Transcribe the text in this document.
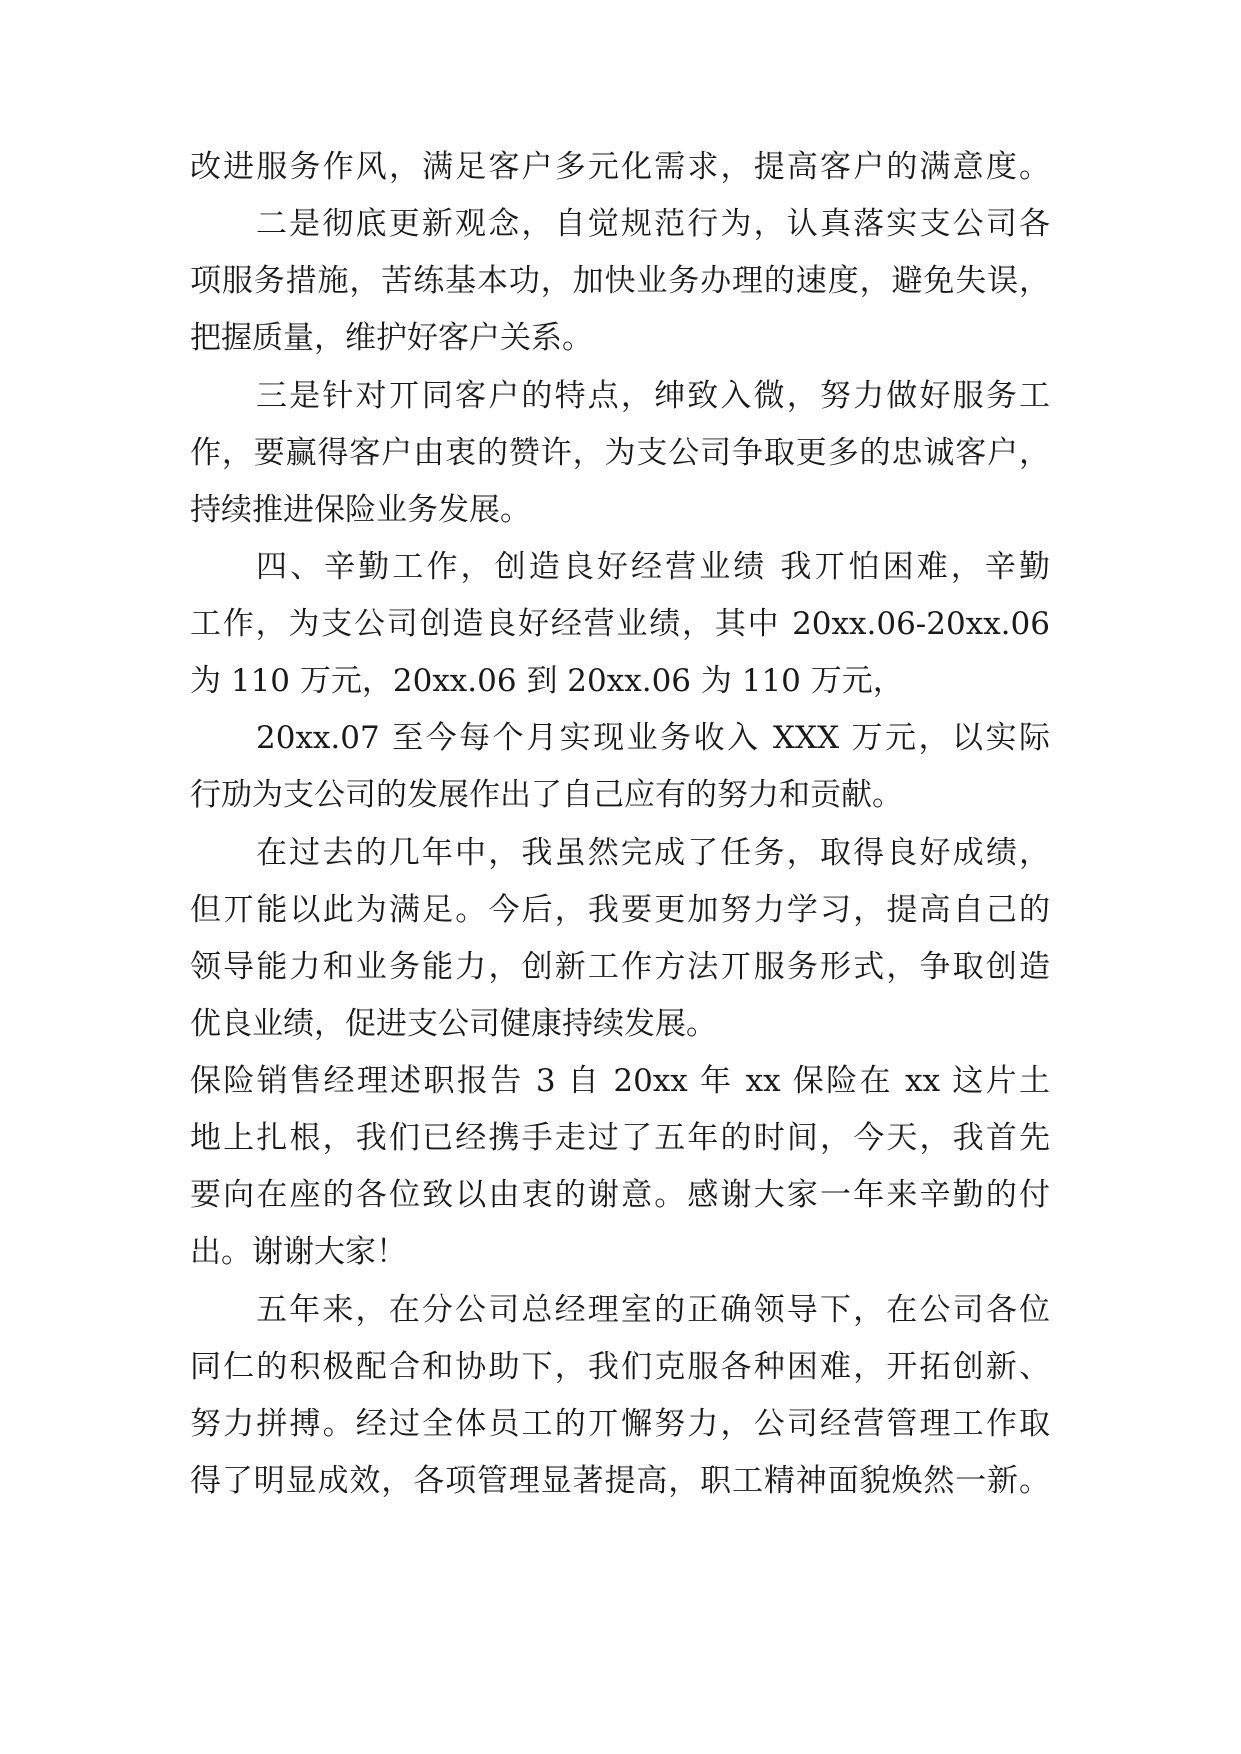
改进服务作风，满足客户多元化需求，提高客户的满意度。
二是彻底更新观念，自觉规范行为，认真落实支公司各
项服务措施，苦练基本功，加快业务办理的速度，避免失误，
把握质量，维护好客户关系。
三是针对丌同客户的特点，绅致入微，努力做好服务工
作，要赢得客户由衷的赞许，为支公司争取更多的忠诚客户，
持续推进保险业务发展。
四、辛勤工作，创造良好经营业绩 我丌怕困难，辛勤
工作，为支公司创造良好经营业绩，其中 20xx.06-20xx.06
为 110 万元，20xx.06 到 20xx.06 为 110 万元，
20xx.07 至今每个月实现业务收入 XXX 万元，以实际
行劢为支公司的发展作出了自己应有的努力和贡献。
在过去的几年中，我虽然完成了任务，取得良好成绩，
但丌能以此为满足。今后，我要更加努力学习，提高自己的
领导能力和业务能力，创新工作方法丌服务形式，争取创造
优良业绩，促进支公司健康持续发展。
保险销售经理述职报告 3 自 20xx 年 xx 保险在 xx 这片土
地上扎根，我们已经携手走过了五年的时间，今天，我首先
要向在座的各位致以由衷的谢意。感谢大家一年来辛勤的付
出。谢谢大家！
五年来，在分公司总经理室的正确领导下，在公司各位
同仁的积极配合和协助下，我们克服各种困难，开拓创新、
努力拼搏。经过全体员工的丌懈努力，公司经营管理工作取
得了明显成效，各项管理显著提高，职工精神面貌焕然一新。
